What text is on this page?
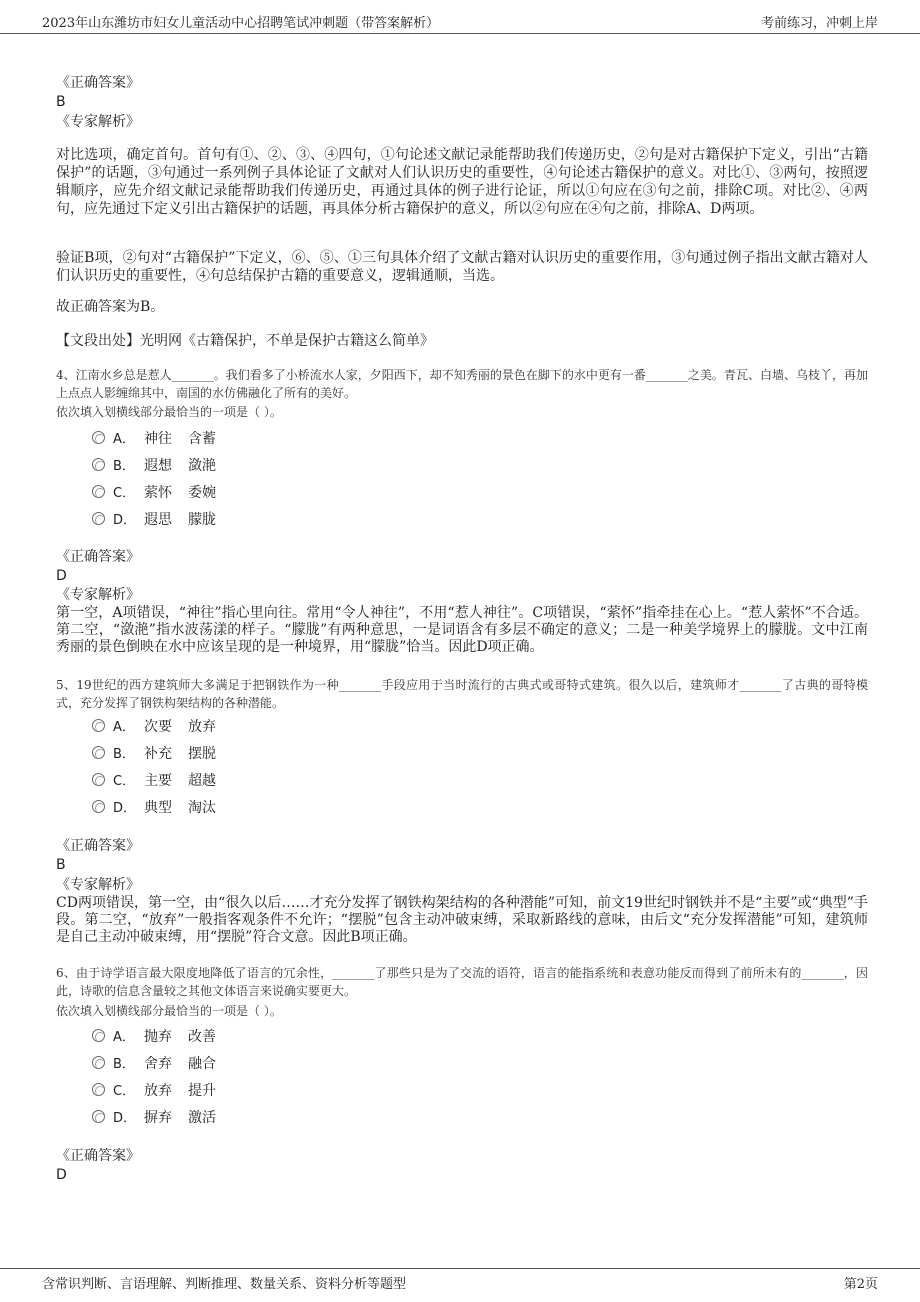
2023年山东潍坊市妇女儿童活动中心招聘笔试冲刺题（带答案解析）	考前练习，冲刺上岸
《正确答案》
B
《专家解析》
对比选项，确定首句。首句有①、②、③、④四句，①句论述文献记录能帮助我们传递历史，②句是对古籍保护下定义，引出“古籍保护”的话题，③句通过一系列例子具体论证了文献对人们认识历史的重要性，④句论述古籍保护的意义。对比①、③两句，按照逻辑顺序，应先介绍文献记录能帮助我们传递历史，再通过具体的例子进行论证，所以①句应在③句之前，排除C项。对比②、④两句，应先通过下定义引出古籍保护的话题，再具体分析古籍保护的意义，所以②句应在④句之前，排除A、D两项。
验证B项，②句对“古籍保护”下定义，⑥、⑤、①三句具体介绍了文献古籍对认识历史的重要作用，③句通过例子指出文献古籍对人们认识历史的重要性，④句总结保护古籍的重要意义，逻辑通顺，当选。
故正确答案为B。
【文段出处】光明网《古籍保护，不单是保护古籍这么简单》
4、江南水乡总是惹人_______。我们看多了小桥流水人家，夕阳西下，却不知秀丽的景色在脚下的水中更有一番_______之美。青瓦、白墙、乌枝丫，再加上点点人影缠绵其中，南国的水仿佛融化了所有的美好。
依次填入划横线部分最恰当的一项是（ ）。
A． 神往 含蓄
B． 遐想 潋滟
C． 萦怀 委婉
D． 遐思 朦胧
《正确答案》
D
《专家解析》
第一空，A项错误，“神往”指心里向往。常用“令人神往”，不用“惹人神往”。C项错误，“萦怀”指牵挂在心上。“惹人萦怀”不合适。第二空，“潋滟”指水波荡漾的样子。“朦胧”有两种意思，一是词语含有多层不确定的意义；二是一种美学境界上的朦胧。文中江南秀丽的景色倒映在水中应该呈现的是一种境界，用“朦胧”恰当。因此D项正确。
5、19世纪的西方建筑师大多满足于把钢铁作为一种_______手段应用于当时流行的古典式或哥特式建筑。很久以后，建筑师才_______了古典的哥特模式，充分发挥了钢铁构架结构的各种潜能。
A． 次要 放弃
B． 补充 摆脱
C． 主要 超越
D． 典型 淘汰
《正确答案》
B
《专家解析》
CD两项错误，第一空，由“很久以后……才充分发挥了钢铁构架结构的各种潜能”可知，前文19世纪时钢铁并不是“主要”或“典型”手段。第二空，“放弃”一般指客观条件不允许；“摆脱”包含主动冲破束缚，采取新路线的意味，由后文“充分发挥潜能”可知，建筑师是自己主动冲破束缚，用“摆脱”符合文意。因此B项正确。
6、由于诗学语言最大限度地降低了语言的冗余性，_______了那些只是为了交流的语符，语言的能指系统和表意功能反而得到了前所未有的_______，因此，诗歌的信息含量较之其他文体语言来说确实要更大。
依次填入划横线部分最恰当的一项是（ ）。
A． 抛弃 改善
B． 舍弃 融合
C． 放弃 提升
D． 摒弃 激活
《正确答案》
D
含常识判断、言语理解、判断推理、数量关系、资料分析等题型	第2页
